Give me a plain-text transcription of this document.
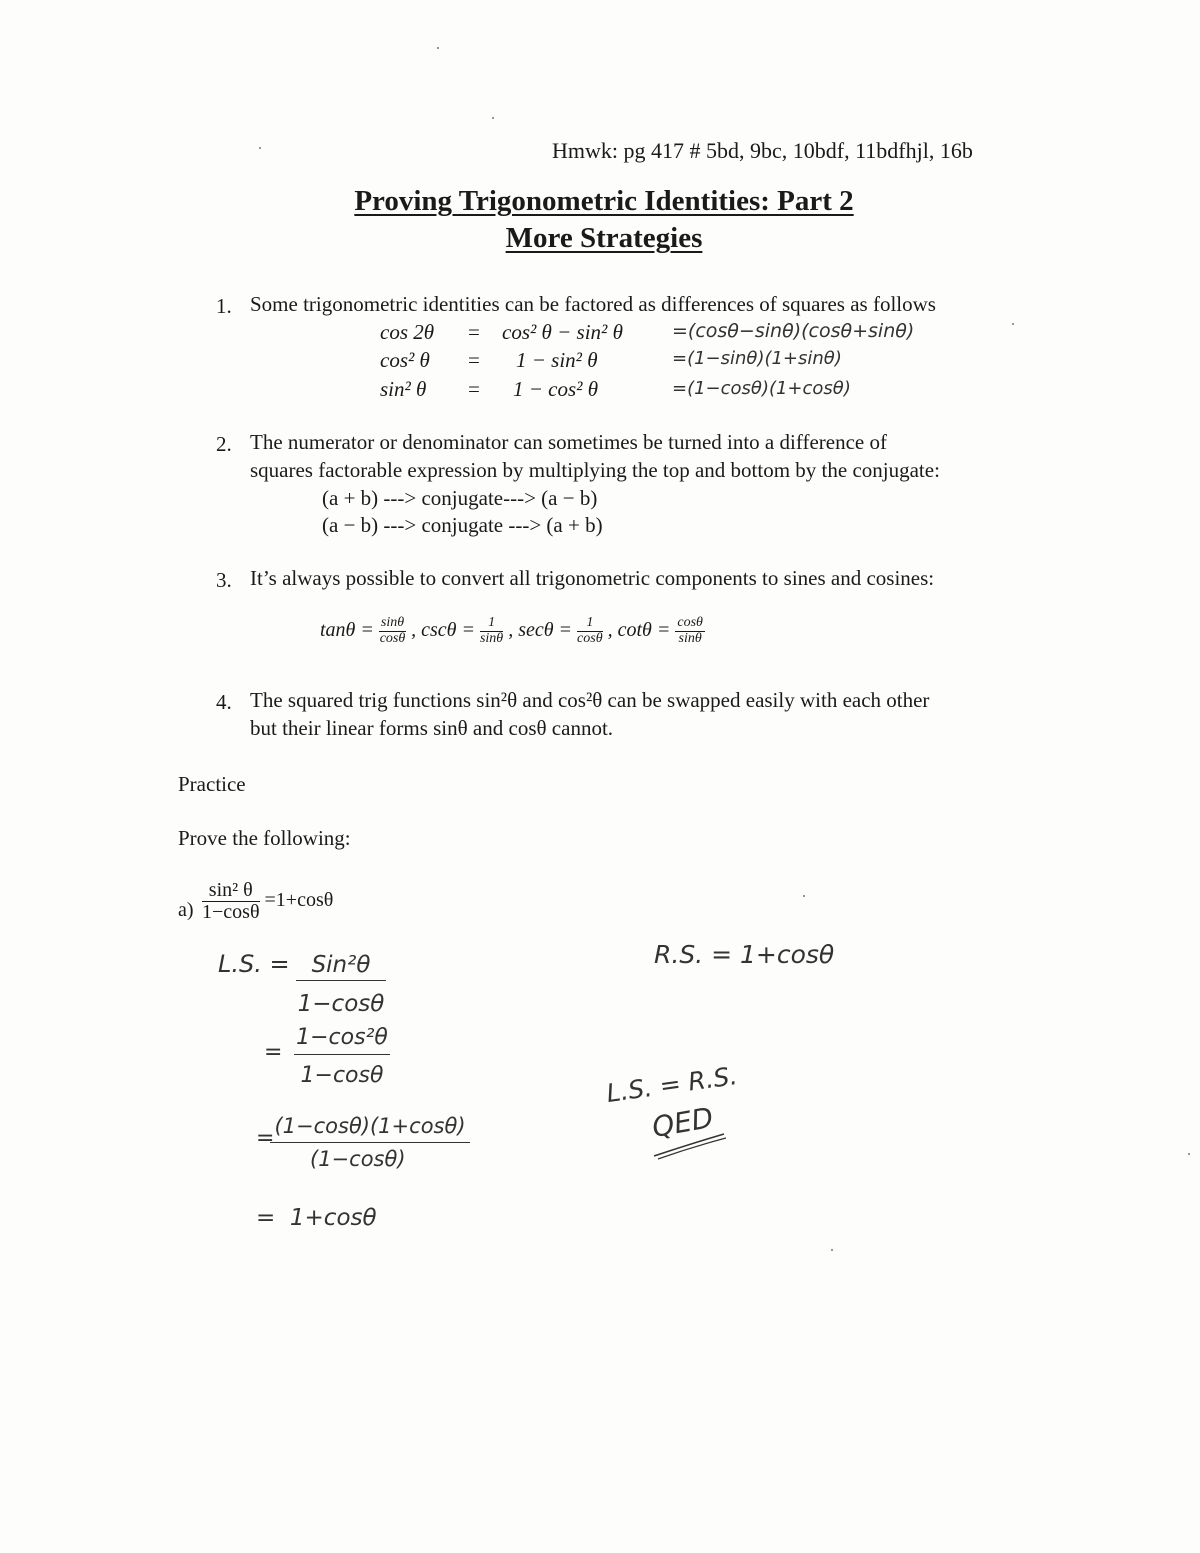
Hmwk: pg 417 # 5bd, 9bc, 10bdf, 11bdfhjl, 16b
Proving Trigonometric Identities: Part 2
More Strategies
1. Some trigonometric identities can be factored as differences of squares as follows
cos 2θ = cos² θ − sin² θ	=(cosθ−sinθ)(cosθ+sinθ)
cos² θ = 1 − sin² θ	=(1−sinθ)(1+sinθ)
sin² θ = 1 − cos² θ	=(1−cosθ)(1+cosθ)
2. The numerator or denominator can sometimes be turned into a difference of
squares factorable expression by multiplying the top and bottom by the conjugate:
(a + b) ---> conjugate---> (a − b)
(a − b) ---> conjugate ---> (a + b)
3. It’s always possible to convert all trigonometric components to sines and cosines:
$\tan\theta = \frac{\sin\theta}{\cos\theta}$ , $\csc\theta = \frac{1}{\sin\theta}$ , $\sec\theta = \frac{1}{\cos\theta}$ , $\cot\theta = \frac{\cos\theta}{\sin\theta}$
4. The squared trig functions sin²θ and cos²θ can be swapped easily with each other
but their linear forms sinθ and cosθ cannot.
Practice
Prove the following:
$a) \frac{\text{sin² θ}}{1-\cos\theta} =1+\cos\theta$
L.S. = Sin²θ
1−cosθ
= $\frac{\text{1−cos²θ}}{1-\cos\theta}$
=
$\frac{(1-\cos\theta)(1+\cos\theta)}{(1-\cos\theta)}$
=  1+cosθ
R.S. = 1+cosθ
L.S. = R.S.
QED
